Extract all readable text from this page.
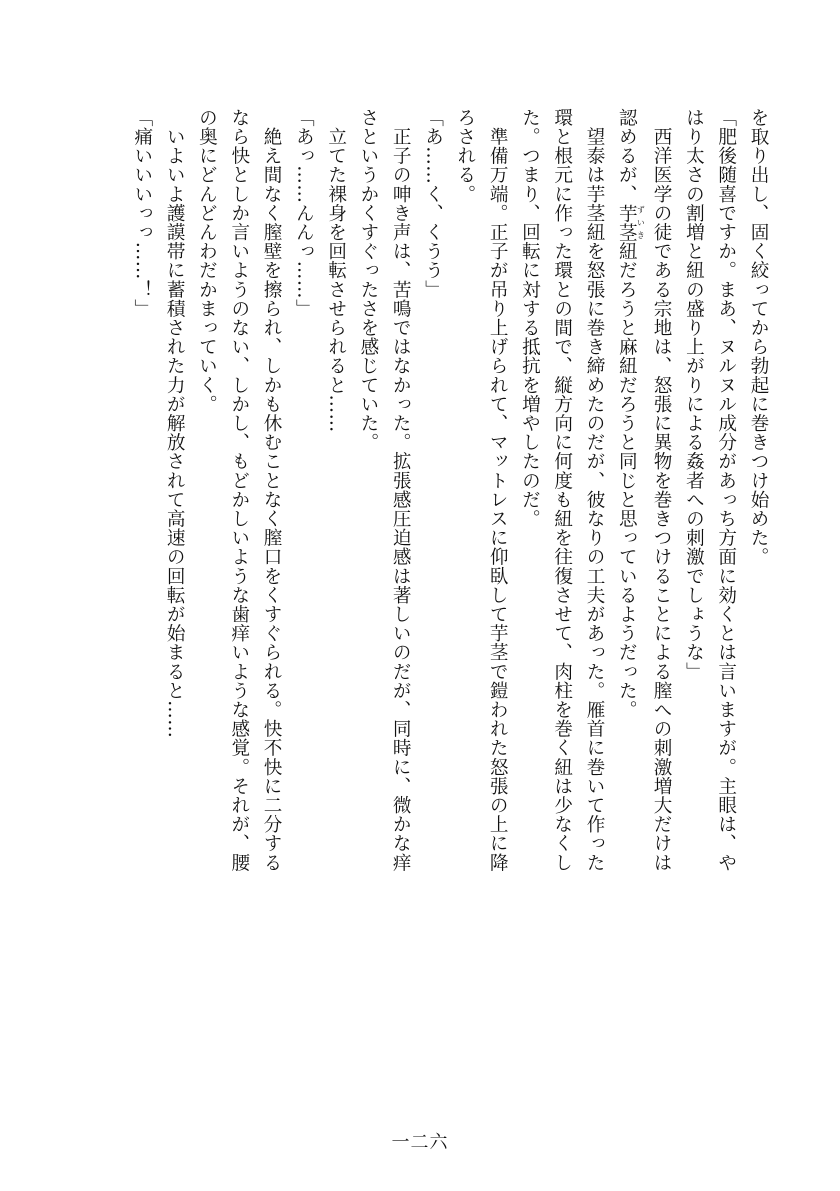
を取り出し、固く絞ってから勃起に巻きつけ始めた。
「肥後随喜ですか。まあ、ヌルヌル成分があっち方面に効くとは言いますが。主眼は、や
はり太さの割増と紐の盛り上がりによる姦者への刺激でしょうな」
　西洋医学の徒である宗地は、怒張に異物を巻きつけることによる膣への刺激増大だけは
認めるが、芋茎 ずいき紐だろうと麻紐だろうと同じと思っているようだった。
　望泰は芋茎紐を怒張に巻き締めたのだが、彼なりの工夫があった。雁首に巻いて作った
環と根元に作った環との間で、縦方向に何度も紐を往復させて、肉柱を巻く紐は少なくし
た。つまり、回転に対する抵抗を増やしたのだ。
　準備万端。正子が吊り上げられて、マットレスに仰臥して芋茎で鎧われた怒張の上に降
ろされる。
「あ……く、くうう」
　正子の呻き声は、苦鳴ではなかった。拡張感圧迫感は著しいのだが、同時に、微かな痒
さというかくすぐったさを感じていた。
　立てた裸身を回転させられると……
「あっ……んんっ……」
　絶え間なく膣壁を擦られ、しかも休むことなく膣口をくすぐられる。快不快に二分する
なら快としか言いようのない、しかし、もどかしいような歯痒いような感覚。それが、腰
の奥にどんどんわだかまっていく。
　いよいよ護謨帯に蓄積された力が解放されて高速の回転が始まると……
「痛いいいっっ……！」
一二六
